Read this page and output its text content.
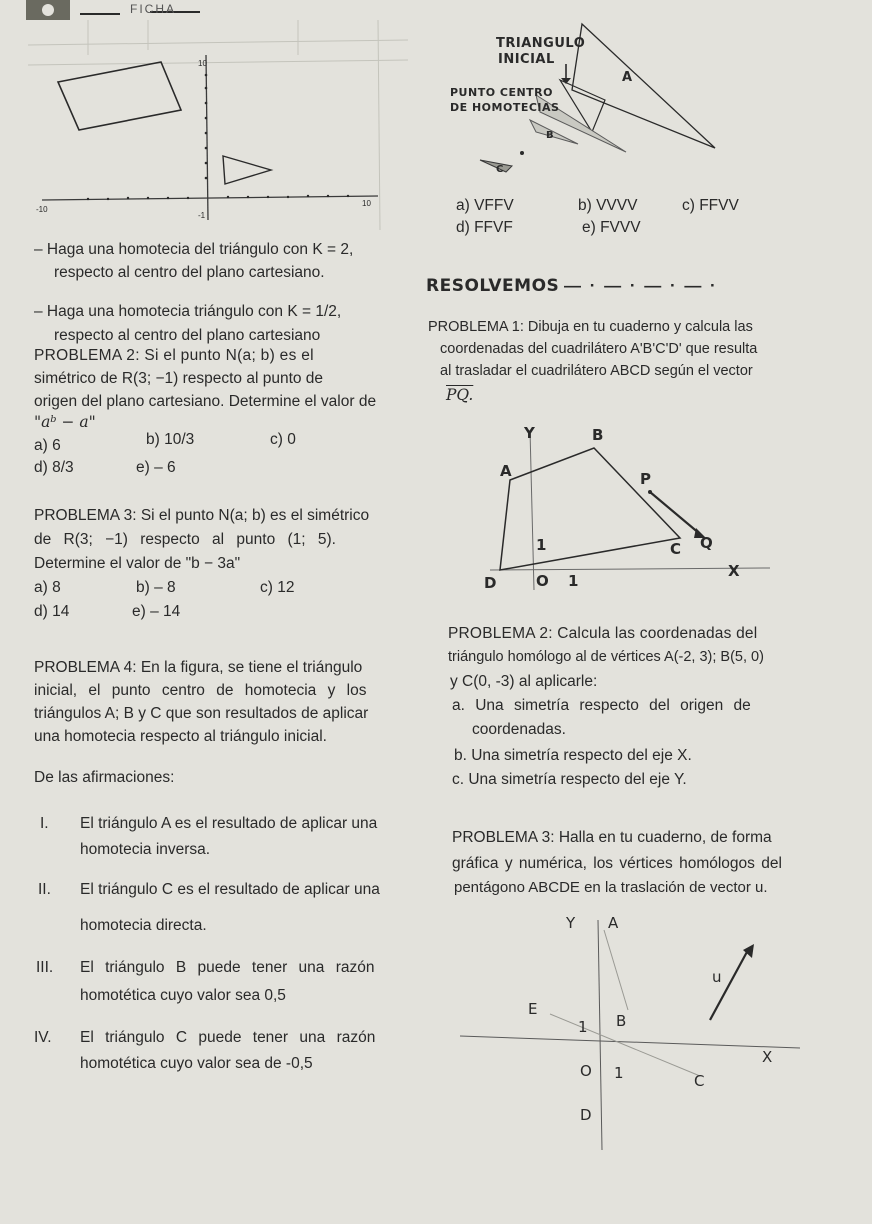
FICHA
10
-10
10
-1
– Haga una homotecia del triángulo con K = 2,
respecto al centro del plano cartesiano.
– Haga una homotecia triángulo con K = 1/2,
respecto al centro del plano cartesiano
TRIANGULO
INICIAL
PUNTO CENTRO
DE HOMOTECIAS
A
B
C
a) VFFV	b) VVVV	c) FFVV
d) FFVF	e) FVVV
RESOLVEMOS — · — · — · — ·
PROBLEMA 2: Si el punto N(a; b) es el
simétrico de R(3; −1) respecto al punto de
origen del plano cartesiano. Determine el valor de
"aᵇ − a"
a) 6	b) 10/3	c) 0
d) 8/3	e) – 6
PROBLEMA 3: Si el punto N(a; b) es el simétrico
de R(3; −1) respecto al punto (1; 5).
Determine el valor de "b − 3a"
a) 8	b) – 8	c) 12
d) 14	e) – 14
PROBLEMA 1: Dibuja en tu cuaderno y calcula las
coordenadas del cuadrilátero A'B'C'D' que resulta
al trasladar el cuadrilátero ABCD según el vector
PQ.
Y	B
A	P
1	C Q
X
D	O 1
PROBLEMA 2: Calcula las coordenadas del
triángulo homólogo al de vértices A(-2, 3); B(5, 0)
y C(0, -3) al aplicarle:
a. Una simetría respecto del origen de
coordenadas.
b. Una simetría respecto del eje X.
c. Una simetría respecto del eje Y.
PROBLEMA 4: En la figura, se tiene el triángulo
inicial, el punto centro de homotecia y los
triángulos A; B y C que son resultados de aplicar
una homotecia respecto al triángulo inicial.
De las afirmaciones:
I. El triángulo A es el resultado de aplicar una
homotecia inversa.
II. El triángulo C es el resultado de aplicar una
homotecia directa.
III. El triángulo B puede tener una razón
homotética cuyo valor sea 0,5
IV. El triángulo C puede tener una razón
homotética cuyo valor sea de -0,5
PROBLEMA 3: Halla en tu cuaderno, de forma
gráfica y numérica, los vértices homólogos del
pentágono ABCDE en la traslación de vector u.
Y A
u
E
1 B
X
O 1	C
D
